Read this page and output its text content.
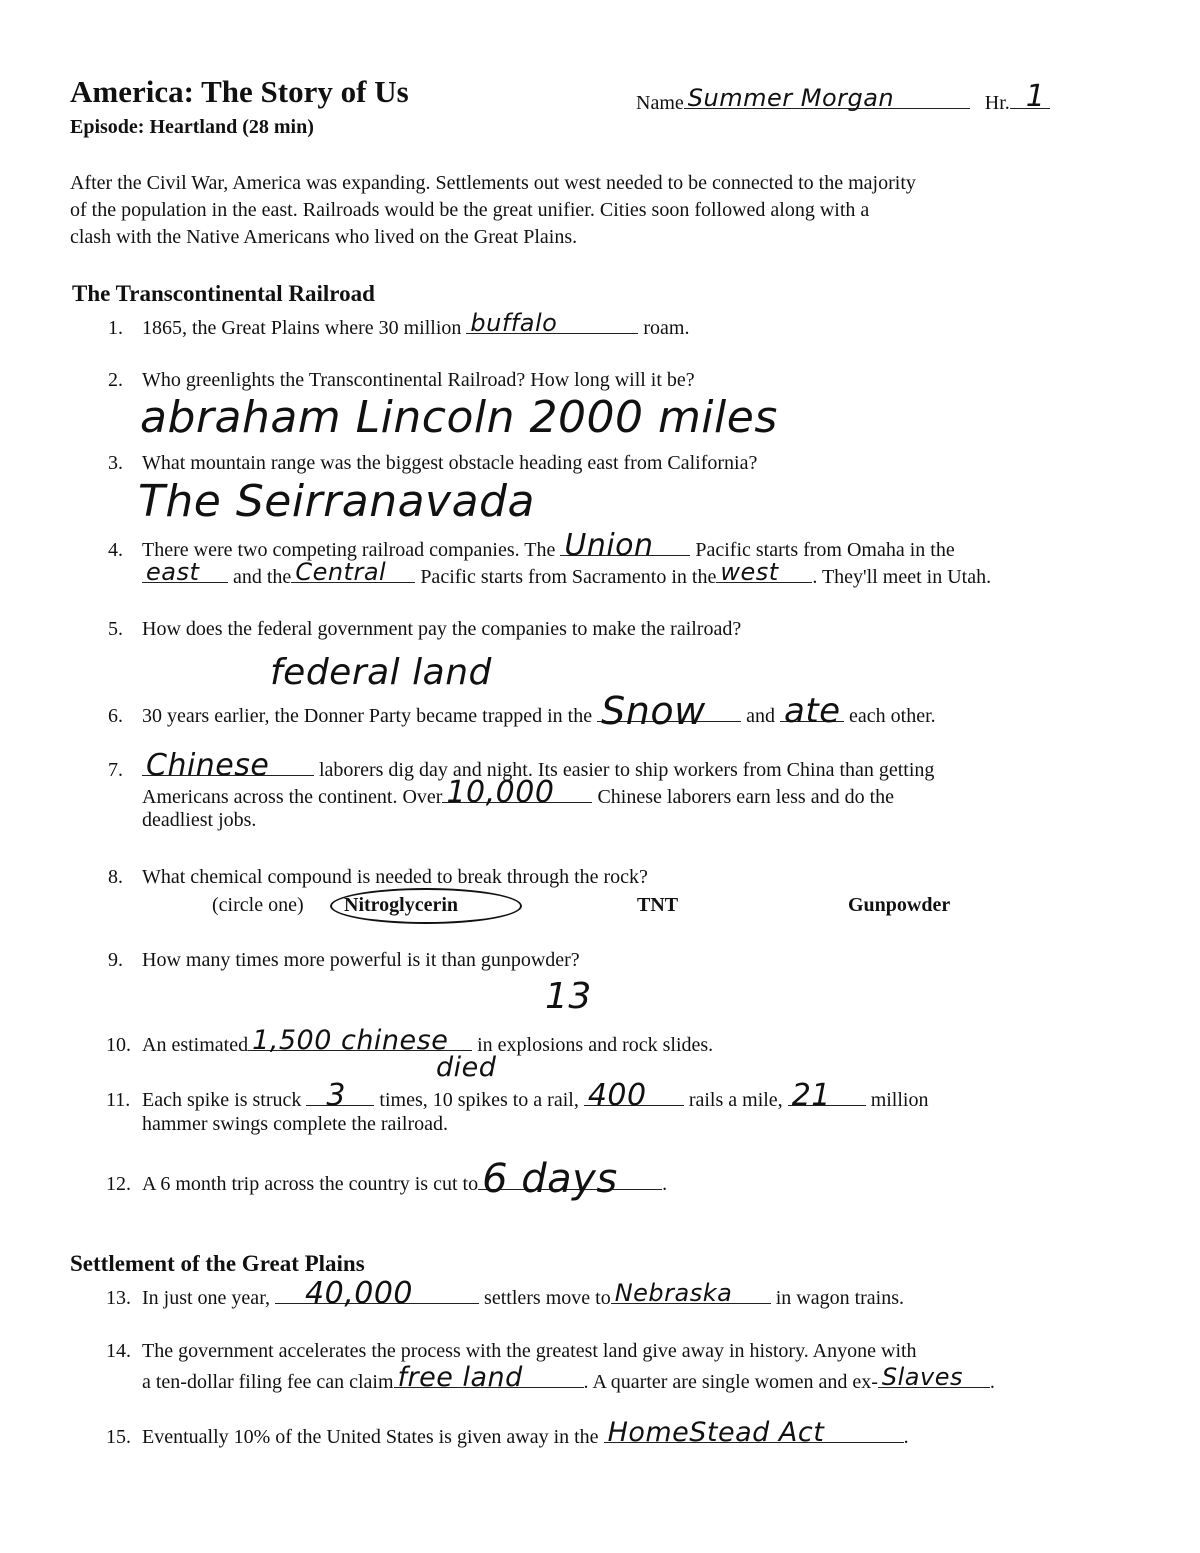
America: The Story of Us
Episode: Heartland (28 min)
Name Summer Morgan	Hr. 1
After the Civil War, America was expanding. Settlements out west needed to be connected to the majority
of the population in the east. Railroads would be the great unifier. Cities soon followed along with a
clash with the Native Americans who lived on the Great Plains.
The Transcontinental Railroad
1. 1865, the Great Plains where 30 million buffalo	roam.
2. Who greenlights the Transcontinental Railroad? How long will it be?
abraham Lincoln 2000 miles
3. What mountain range was the biggest obstacle heading east from California?
The Seirranavada
4. There were two competing railroad companies. The Union Pacific starts from Omaha in the
east and the Central Pacific starts from Sacramento in the west . They'll meet in Utah.
5. How does the federal government pay the companies to make the railroad?
federal land
6. 30 years earlier, the Donner Party became trapped in the Snow and ate each other.
7. Chinese laborers dig day and night. Its easier to ship workers from China than getting
Americans across the continent. Over 10,000 Chinese laborers earn less and do the
deadliest jobs.
8. What chemical compound is needed to break through the rock?
(circle one) Nitroglycerin	TNT	Gunpowder
9. How many times more powerful is it than gunpowder?
13
10. An estimated 1,500 chinese in explosions and rock slides.
died
11. Each spike is struck 3 times, 10 spikes to a rail, 400 rails a mile, 21 million
hammer swings complete the railroad.
12. A 6 month trip across the country is cut to 6 days .
Settlement of the Great Plains
13. In just one year, 40,000	settlers move to Nebraska in wagon trains.
14. The government accelerates the process with the greatest land give away in history. Anyone with
a ten-dollar filing fee can claim free land	. A quarter are single women and ex- Slaves .
15. Eventually 10% of the United States is given away in the HomeStead Act	.
